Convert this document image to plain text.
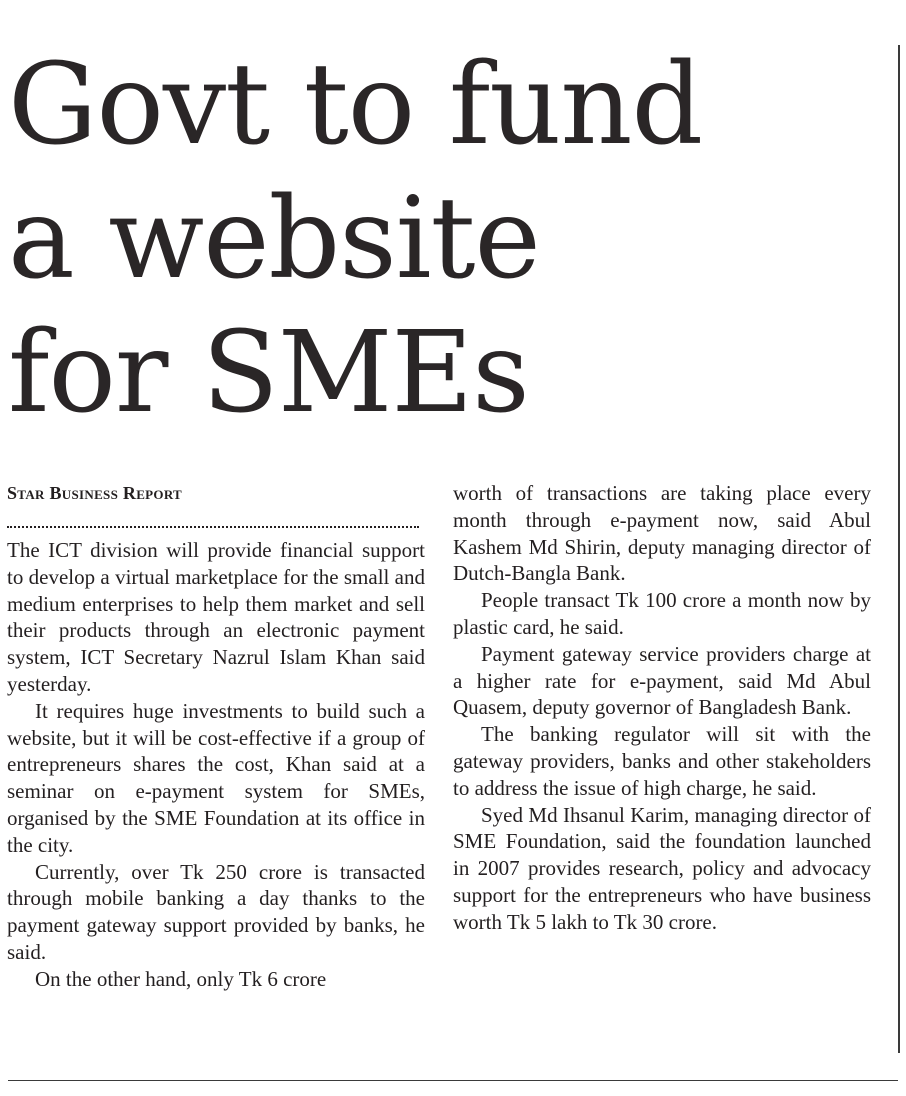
Govt to fund
a website
for SMEs
Star Business Report

The ICT division will provide financial support to develop a virtual marketplace for the small and medium enterprises to help them market and sell their products through an electronic payment system, ICT Secretary Nazrul Islam Khan said yesterday.

It requires huge investments to build such a website, but it will be cost-effective if a group of entrepreneurs shares the cost, Khan said at a seminar on e-payment system for SMEs, organised by the SME Foundation at its office in the city.

Currently, over Tk 250 crore is transacted through mobile banking a day thanks to the payment gateway support provided by banks, he said.

On the other hand, only Tk 6 crore

worth of transactions are taking place every month through e-payment now, said Abul Kashem Md Shirin, deputy managing director of Dutch-Bangla Bank.

People transact Tk 100 crore a month now by plastic card, he said.

Payment gateway service providers charge at a higher rate for e-payment, said Md Abul Quasem, deputy governor of Bangladesh Bank.

The banking regulator will sit with the gateway providers, banks and other stakeholders to address the issue of high charge, he said.

Syed Md Ihsanul Karim, managing director of SME Foundation, said the foundation launched in 2007 provides research, policy and advocacy support for the entrepreneurs who have business worth Tk 5 lakh to Tk 30 crore.
